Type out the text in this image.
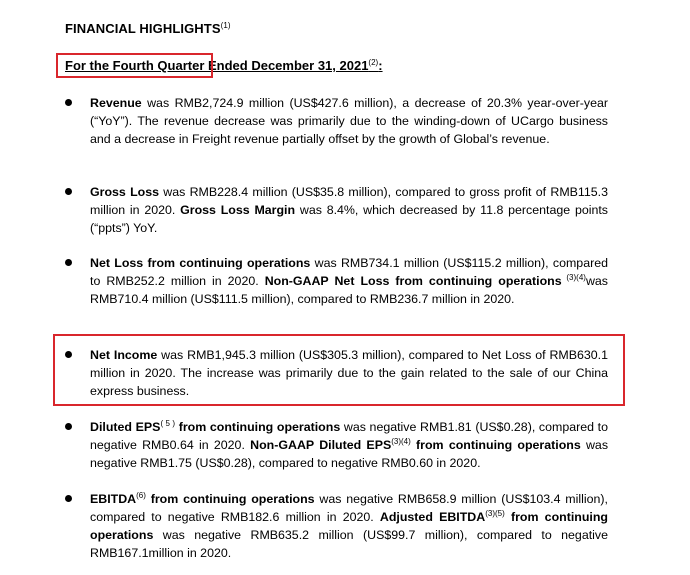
FINANCIAL HIGHLIGHTS$^{(1)}$
For the Fourth Quarter Ended December 31, 2021$^{(2)}$:
Revenue was RMB2,724.9 million (US$427.6 million), a decrease of 20.3% year-over-year (“YoY”). The revenue decrease was primarily due to the winding-down of UCargo business and a decrease in Freight revenue partially offset by the growth of Global’s revenue.
Gross Loss was RMB228.4 million (US$35.8 million), compared to gross profit of RMB115.3 million in 2020. Gross Loss Margin was 8.4%, which decreased by 11.8 percentage points (“ppts”) YoY.
Net Loss from continuing operations was RMB734.1 million (US$115.2 million), compared to RMB252.2 million in 2020. Non-GAAP Net Loss from continuing operations $^{(3)(4)}$was RMB710.4 million (US$111.5 million), compared to RMB236.7 million in 2020.
Net Income was RMB1,945.3 million (US$305.3 million), compared to Net Loss of RMB630.1 million in 2020. The increase was primarily due to the gain related to the sale of our China express business.
Diluted $EPS^{( 5 )}$ from continuing operations was negative RMB1.81 (US$0.28), compared to negative RMB0.64 in 2020. Non-GAAP Diluted $EPS^{(3)(4)}$ from continuing operations was negative RMB1.75 (US$0.28), compared to negative RMB0.60 in 2020.
EBITDA$^{(6)}$ from continuing operations was negative RMB658.9 million (US$103.4 million), compared to negative RMB182.6 million in 2020. Adjusted $EBITDA^{(3)(5)}$ from continuing operations was negative RMB635.2 million (US$99.7 million), compared to negative RMB167.1million in 2020.
